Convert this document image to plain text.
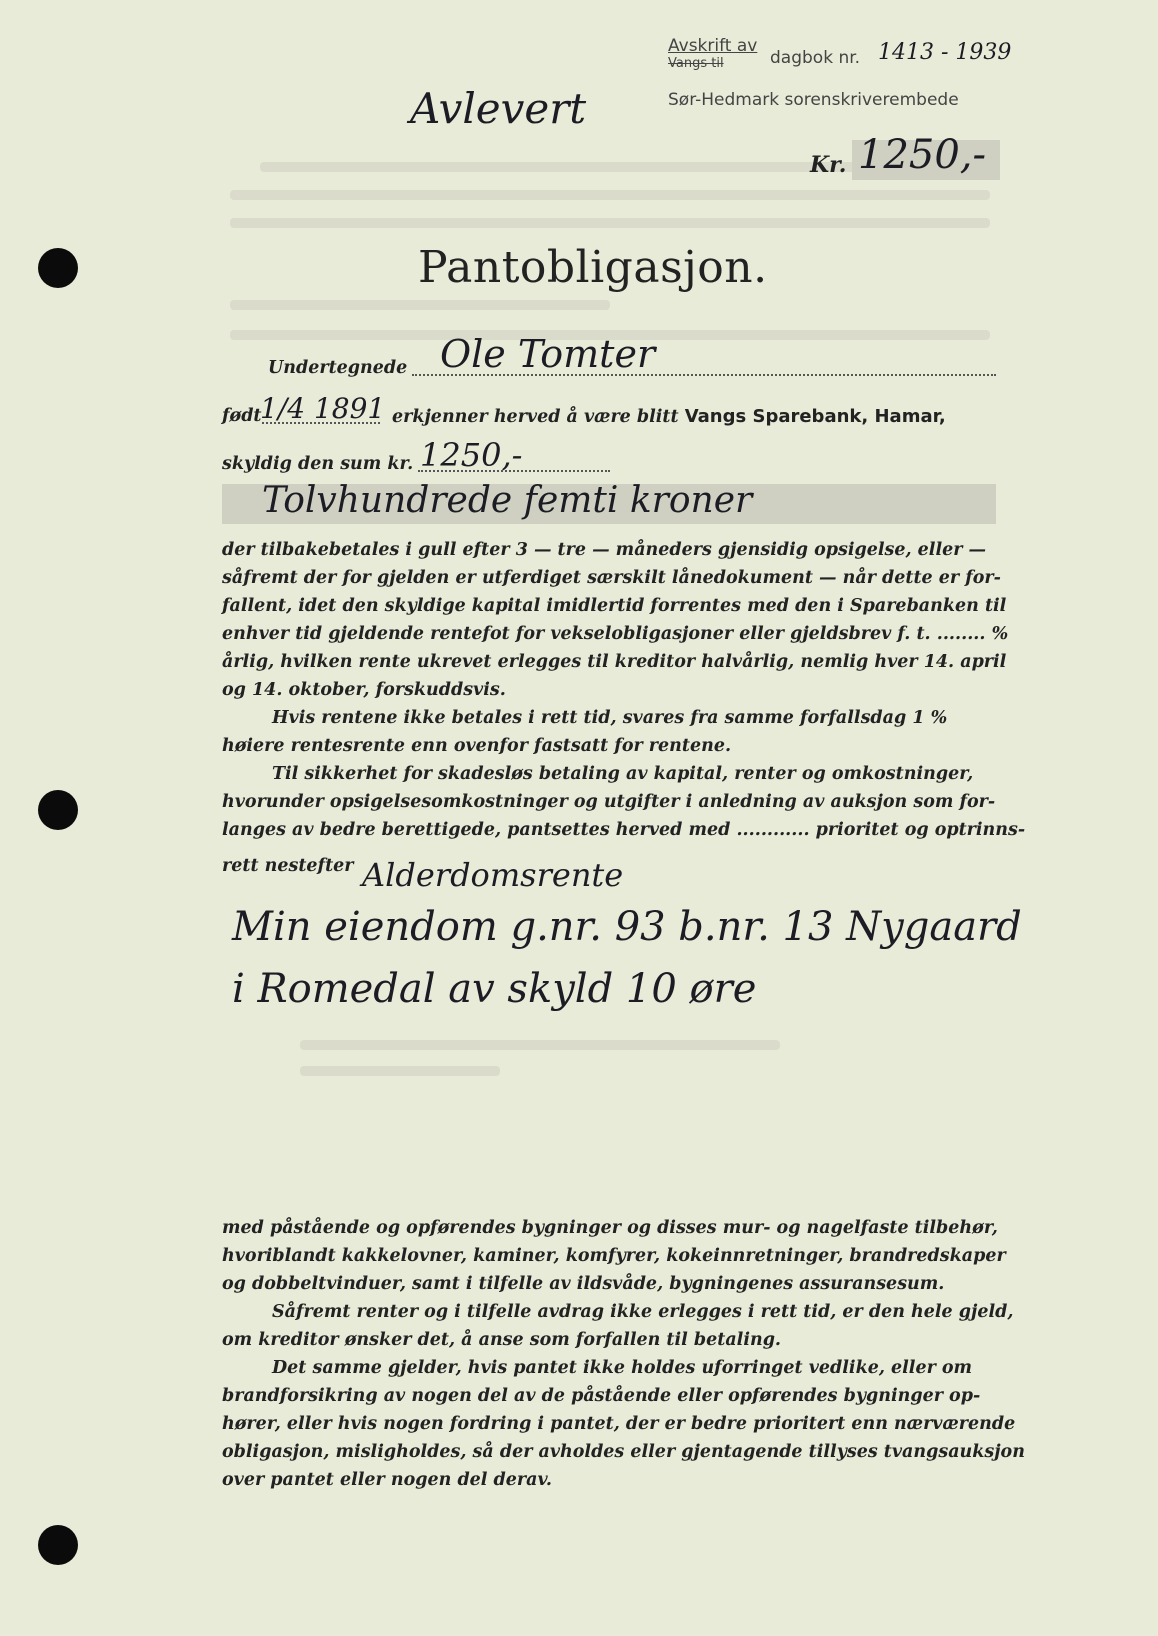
Avskrift av
Vangs til	dagbok nr. 1413 - 1939
Sør-Hedmark sorenskriverembede
Avlevert
Kr. 1250,-
Pantobligasjon.
Undertegnede Ole Tomter
født
1/4 1891 erkjenner herved å være blitt Vangs Sparebank, Hamar,
skyldig den sum kr. 1250,-
Tolvhundrede femti kroner
der tilbakebetales i gull efter 3 — tre — måneders gjensidig opsigelse, eller —
såfremt der for gjelden er utferdiget særskilt lånedokument — når dette er for-
fallent, idet den skyldige kapital imidlertid forrentes med den i Sparebanken til
enhver tid gjeldende rentefot for vekselobligasjoner eller gjeldsbrev f. t. ........ %
årlig, hvilken rente ukrevet erlegges til kreditor halvårlig, nemlig hver 14. april
og 14. oktober, forskuddsvis.
Hvis rentene ikke betales i rett tid, svares fra samme forfallsdag 1 %
høiere rentesrente enn ovenfor fastsatt for rentene.
Til sikkerhet for skadesløs betaling av kapital, renter og omkostninger,
hvorunder opsigelsesomkostninger og utgifter i anledning av auksjon som for-
langes av bedre berettigede, pantsettes herved med ............ prioritet og optrinns-
rett nestefter Alderdomsrente
Min eiendom g.nr. 93 b.nr. 13 Nygaard
i Romedal av skyld 10 øre
med påstående og opførendes bygninger og disses mur- og nagelfaste tilbehør,
hvoriblandt kakkelovner, kaminer, komfyrer, kokeinnretninger, brandredskaper
og dobbeltvinduer, samt i tilfelle av ildsvåde, bygningenes assuransesum.
Såfremt renter og i tilfelle avdrag ikke erlegges i rett tid, er den hele gjeld,
om kreditor ønsker det, å anse som forfallen til betaling.
Det samme gjelder, hvis pantet ikke holdes uforringet vedlike, eller om
brandforsikring av nogen del av de påstående eller opførendes bygninger op-
hører, eller hvis nogen fordring i pantet, der er bedre prioritert enn nærværende
obligasjon, misligholdes, så der avholdes eller gjentagende tillyses tvangsauksjon
over pantet eller nogen del derav.
